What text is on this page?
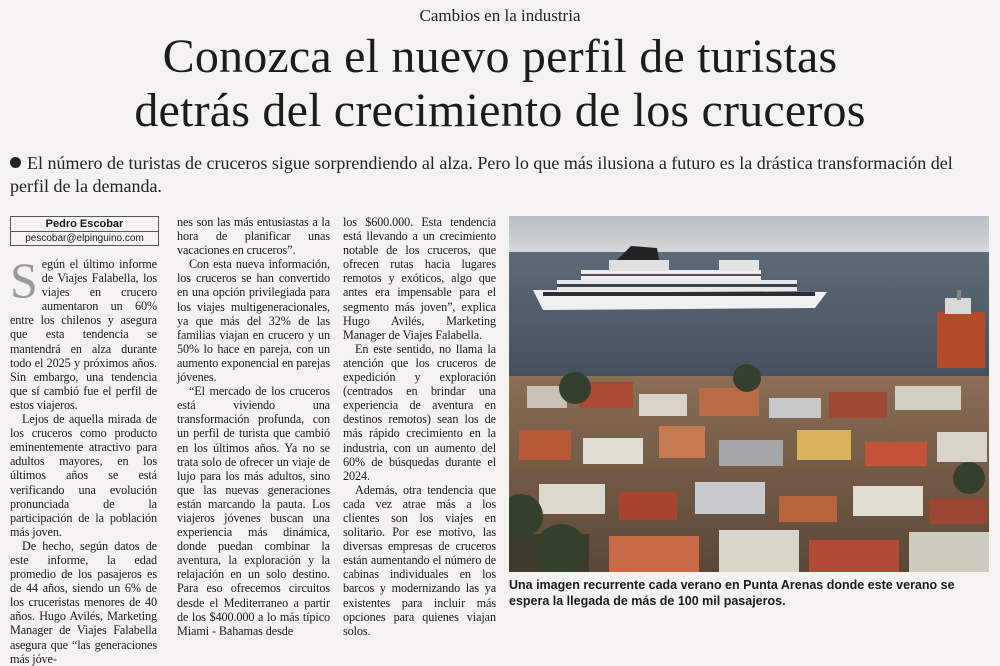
Cambios en la industria
Conozca el nuevo perfil de turistas
detrás del crecimiento de los cruceros
El número de turistas de cruceros sigue sorprendiendo al alza. Pero lo que más ilusiona a futuro es la drástica transformación del perfil de la demanda.
Pedro Escobar
pescobar@elpinguino.com

Según el último informe de Viajes Falabella, los viajes en crucero aumentaron un 60% entre los chilenos y asegura que esta tendencia se mantendrá en alza durante todo el 2025 y próximos años. Sin embargo, una tendencia que sí cambió fue el perfil de estos viajeros.

Lejos de aquella mirada de los cruceros como producto eminentemente atractivo para adultos mayores, en los últimos años se está verificando una evolución pronunciada de la participación de la población más joven.

De hecho, según datos de este informe, la edad promedio de los pasajeros es de 44 años, siendo un 6% de los cruceristas menores de 40 años. Hugo Avilés, Marketing Manager de Viajes Falabella asegura que “las generaciones más jóve-

nes son las más entusiastas a la hora de planificar unas vacaciones en cruceros”.

Con esta nueva información, los cruceros se han convertido en una opción privilegiada para los viajes multigeneracionales, ya que más del 32% de las familias viajan en crucero y un 50% lo hace en pareja, con un aumento exponencial en parejas jóvenes.

“El mercado de los cruceros está viviendo una transformación profunda, con un perfil de turista que cambió en los últimos años. Ya no se trata solo de ofrecer un viaje de lujo para los más adultos, sino que las nuevas generaciones están marcando la pauta. Los viajeros jóvenes buscan una experiencia más dinámica, donde puedan combinar la aventura, la exploración y la relajación en un solo destino. Para eso ofrecemos circuitos desde el Mediterraneo a partir de los $400.000 a lo más típico Miami - Bahamas desde

los $600.000. Esta tendencia está llevando a un crecimiento notable de los cruceros, que ofrecen rutas hacia lugares remotos y exóticos, algo que antes era impensable para el segmento más joven”, explica Hugo Avilés, Marketing Manager de Viajes Falabella.

En este sentido, no llama la atención que los cruceros de expedición y exploración (centrados en brindar una experiencia de aventura en destinos remotos) sean los de más rápido crecimiento en la industria, con un aumento del 60% de búsquedas durante el 2024.

Además, otra tendencia que cada vez atrae más a los clientes son los viajes en solitario. Por ese motivo, las diversas empresas de cruceros están aumentando el número de cabinas individuales en los barcos y modernizando las ya existentes para incluir más opciones para quienes viajan solos.

Una imagen recurrente cada verano en Punta Arenas donde este verano se espera la llegada de más de 100 mil pasajeros.
